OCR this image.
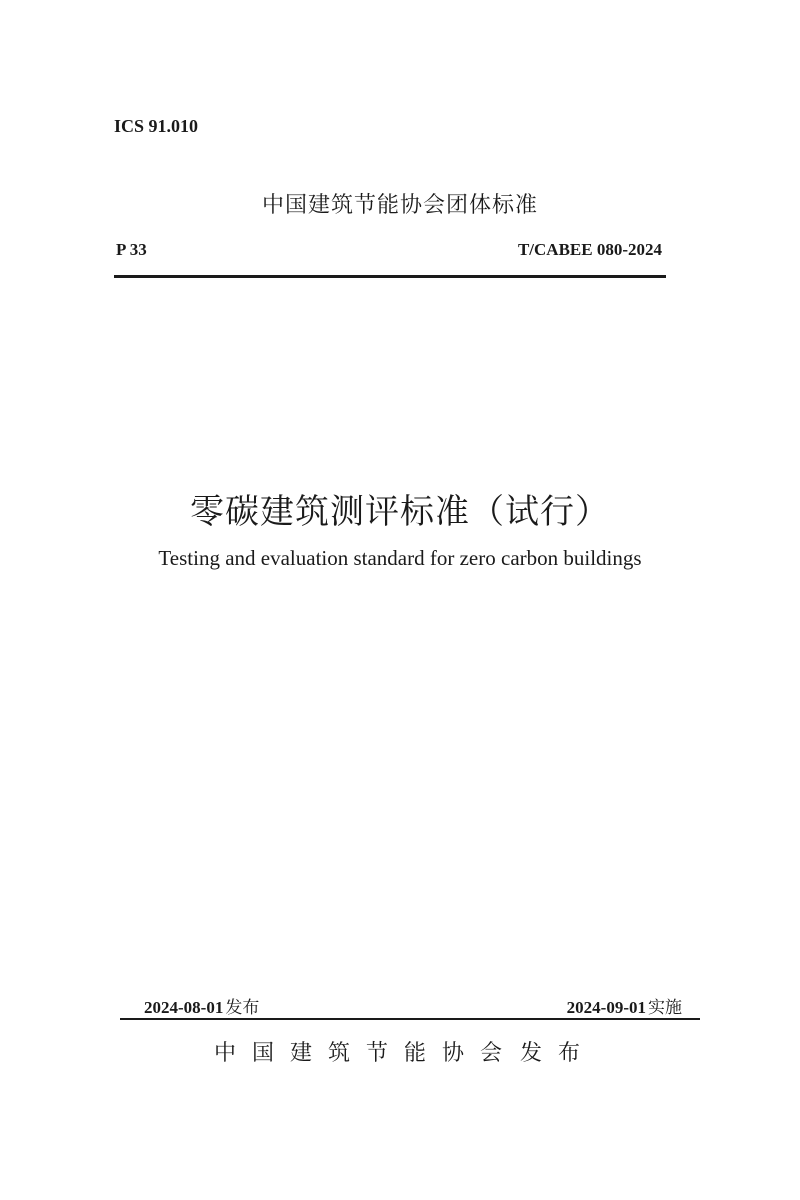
ICS 91.010
中国建筑节能协会团体标准
P 33	T/CABEE 080-2024
零碳建筑测评标准（试行）
Testing and evaluation standard for zero carbon buildings
2024-08-01 发布	2024-09-01 实施
中国建筑节能协会 发布
